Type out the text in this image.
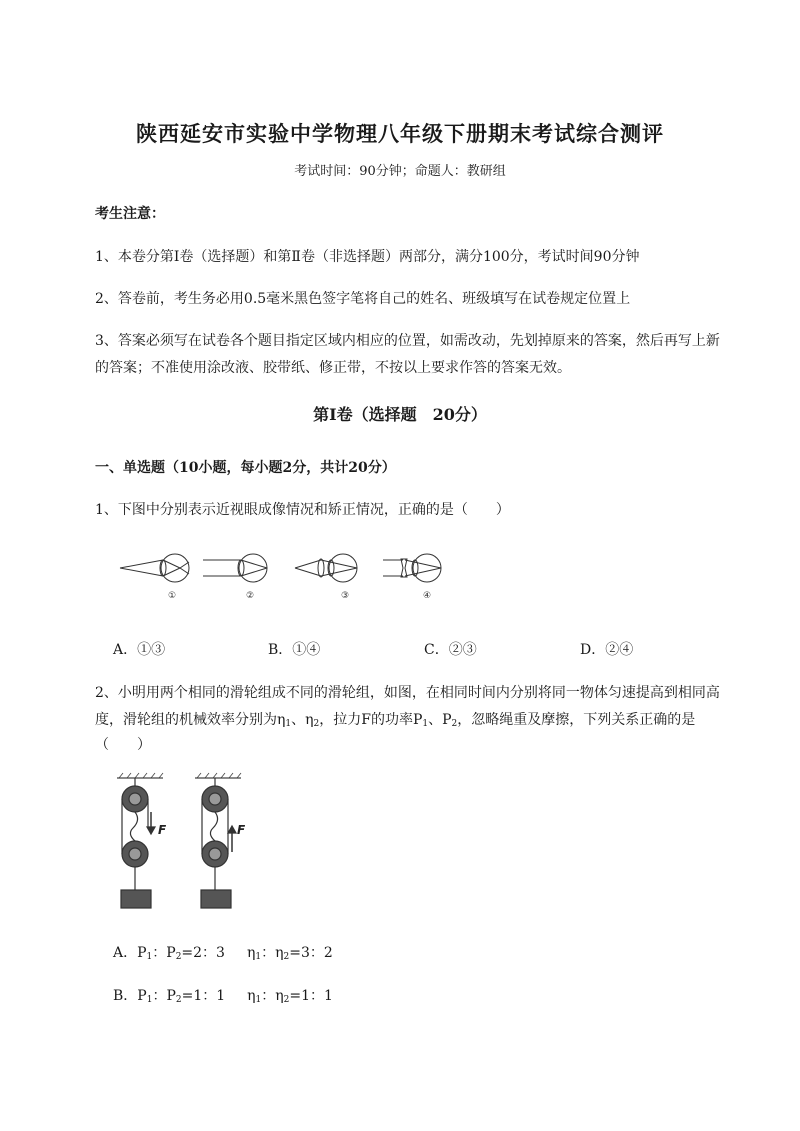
陕西延安市实验中学物理八年级下册期末考试综合测评
考试时间：90分钟；命题人：教研组
考生注意：
1、本卷分第I卷（选择题）和第Ⅱ卷（非选择题）两部分，满分100分，考试时间90分钟
2、答卷前，考生务必用0.5毫米黑色签字笔将自己的姓名、班级填写在试卷规定位置上
3、答案必须写在试卷各个题目指定区域内相应的位置，如需改动，先划掉原来的答案，然后再写上新
的答案；不准使用涂改液、胶带纸、修正带，不按以上要求作答的答案无效。
第I卷（选择题　20分）
一、单选题（10小题，每小题2分，共计20分）
1、下图中分别表示近视眼成像情况和矫正情况，正确的是（　　）
①	②	③	④
A．①③	B．①④	C．②③	D．②④
2、小明用两个相同的滑轮组成不同的滑轮组，如图，在相同时间内分别将同一物体匀速提高到相同高
度，滑轮组的机械效率分别为$\eta_1$、$\eta_2$，拉力F的功率$P_1$、$P_2$，忽略绳重及摩擦，下列关系正确的是
（　　）
F	F
A．$P_1$：$P_2=2$：3 $\eta_1$：$\eta_2=3$：2
B．$P_1$：$P_2=1$：1 $\eta_1$：$\eta_2=1$：1
